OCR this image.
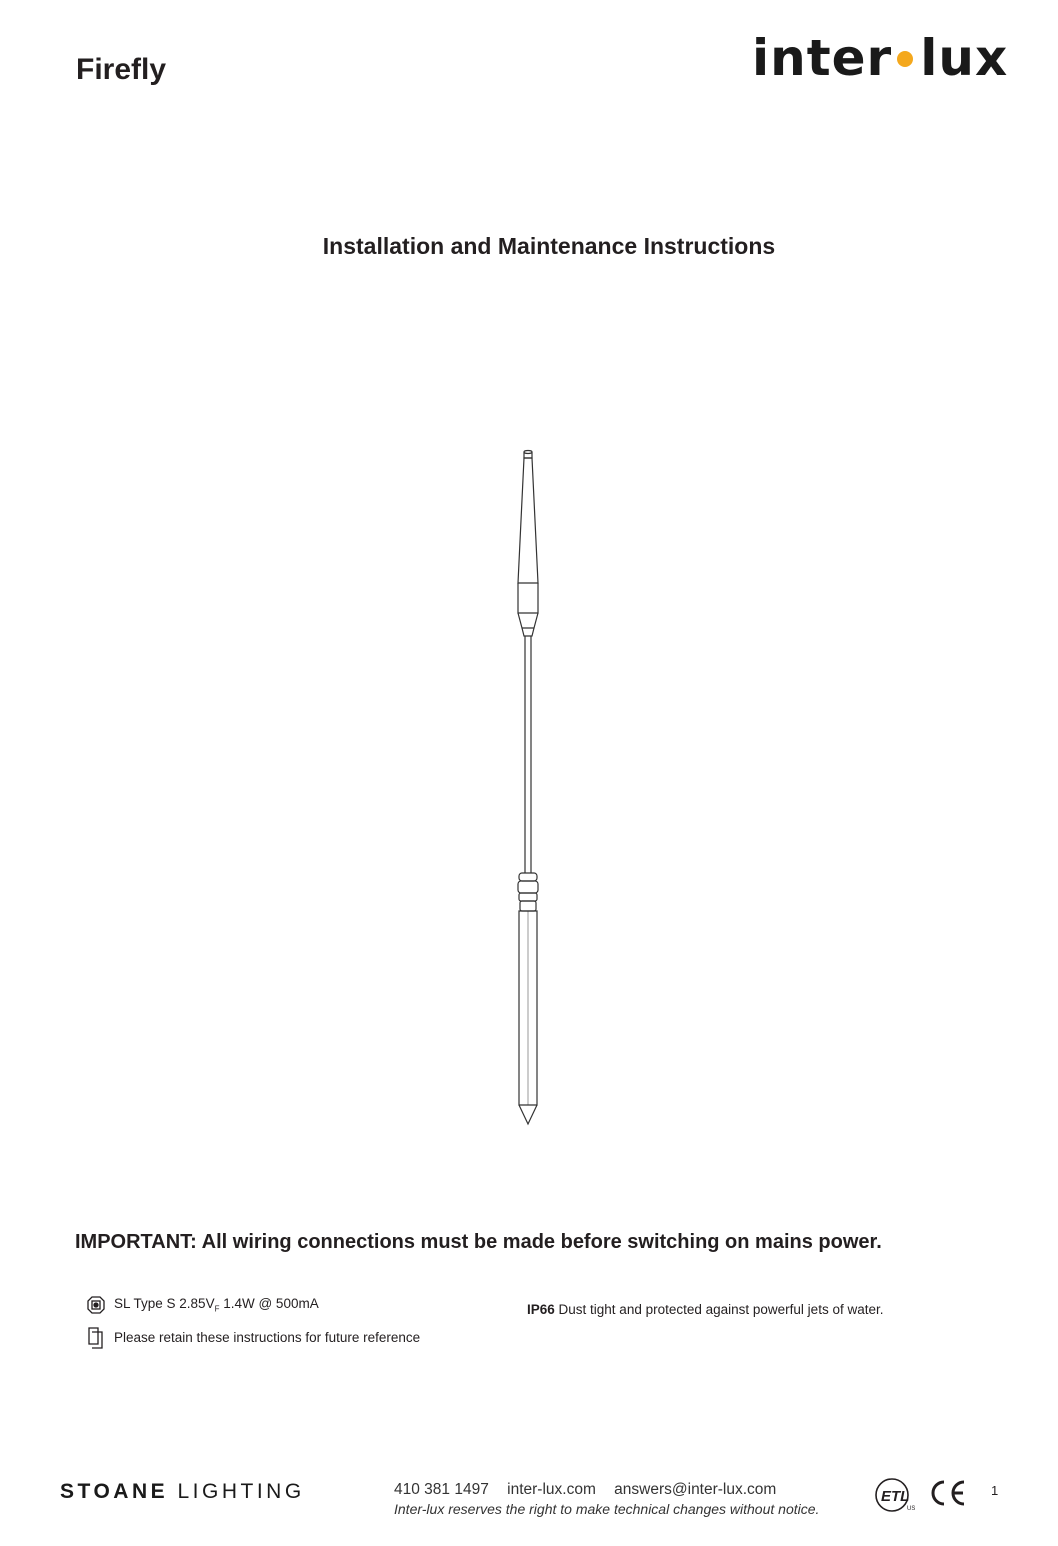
Firefly	inter lux
Installation and Maintenance Instructions
IMPORTANT: All wiring connections must be made before switching on mains power.
SL Type S $2.85V_F$ 1.4W @ 500mA
Please retain these instructions for future reference
IP66 Dust tight and protected against powerful jets of water.
STOANE LIGHTING	410 381 1497 inter-lux.com answers@inter-lux.com
Inter-lux reserves the right to make technical changes without notice.
ETL
US
1
